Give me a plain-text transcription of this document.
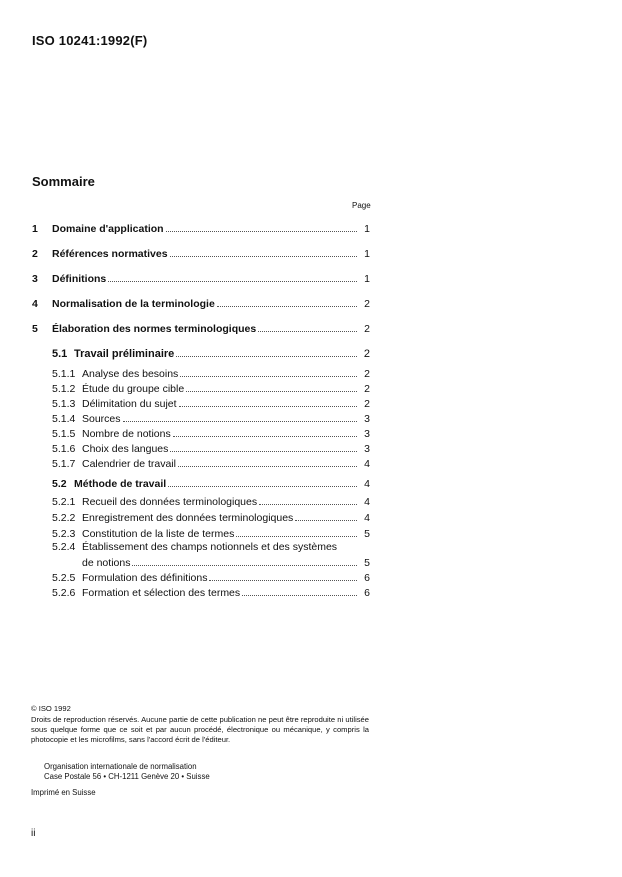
ISO 10241:1992(F)
Sommaire
Page
1	Domaine d'application	1
2	Références normatives	1
3	Définitions	1
4	Normalisation de la terminologie	2
5	Élaboration des normes terminologiques	2
5.1 Travail préliminaire	2
5.1.1 Analyse des besoins	2
5.1.2 Étude du groupe cible	2
5.1.3 Délimitation du sujet	2
5.1.4 Sources	3
5.1.5 Nombre de notions	3
5.1.6 Choix des langues	3
5.1.7 Calendrier de travail	4
5.2 Méthode de travail	4
5.2.1 Recueil des données terminologiques	4
5.2.2 Enregistrement des données terminologiques	4
5.2.3 Constitution de la liste de termes	5
5.2.4 Établissement des champs notionnels et des systèmes
de notions	5
5.2.5 Formulation des définitions	6
5.2.6 Formation et sélection des termes	6
© ISO 1992
Droits de reproduction réservés. Aucune partie de cette publication ne peut être reproduite ni utilisée sous quelque forme que ce soit et par aucun procédé, électronique ou mécanique, y compris la photocopie et les microfilms, sans l'accord écrit de l'éditeur.
Organisation internationale de normalisation
Case Postale 56 • CH-1211 Genève 20 • Suisse
Imprimé en Suisse
ii
